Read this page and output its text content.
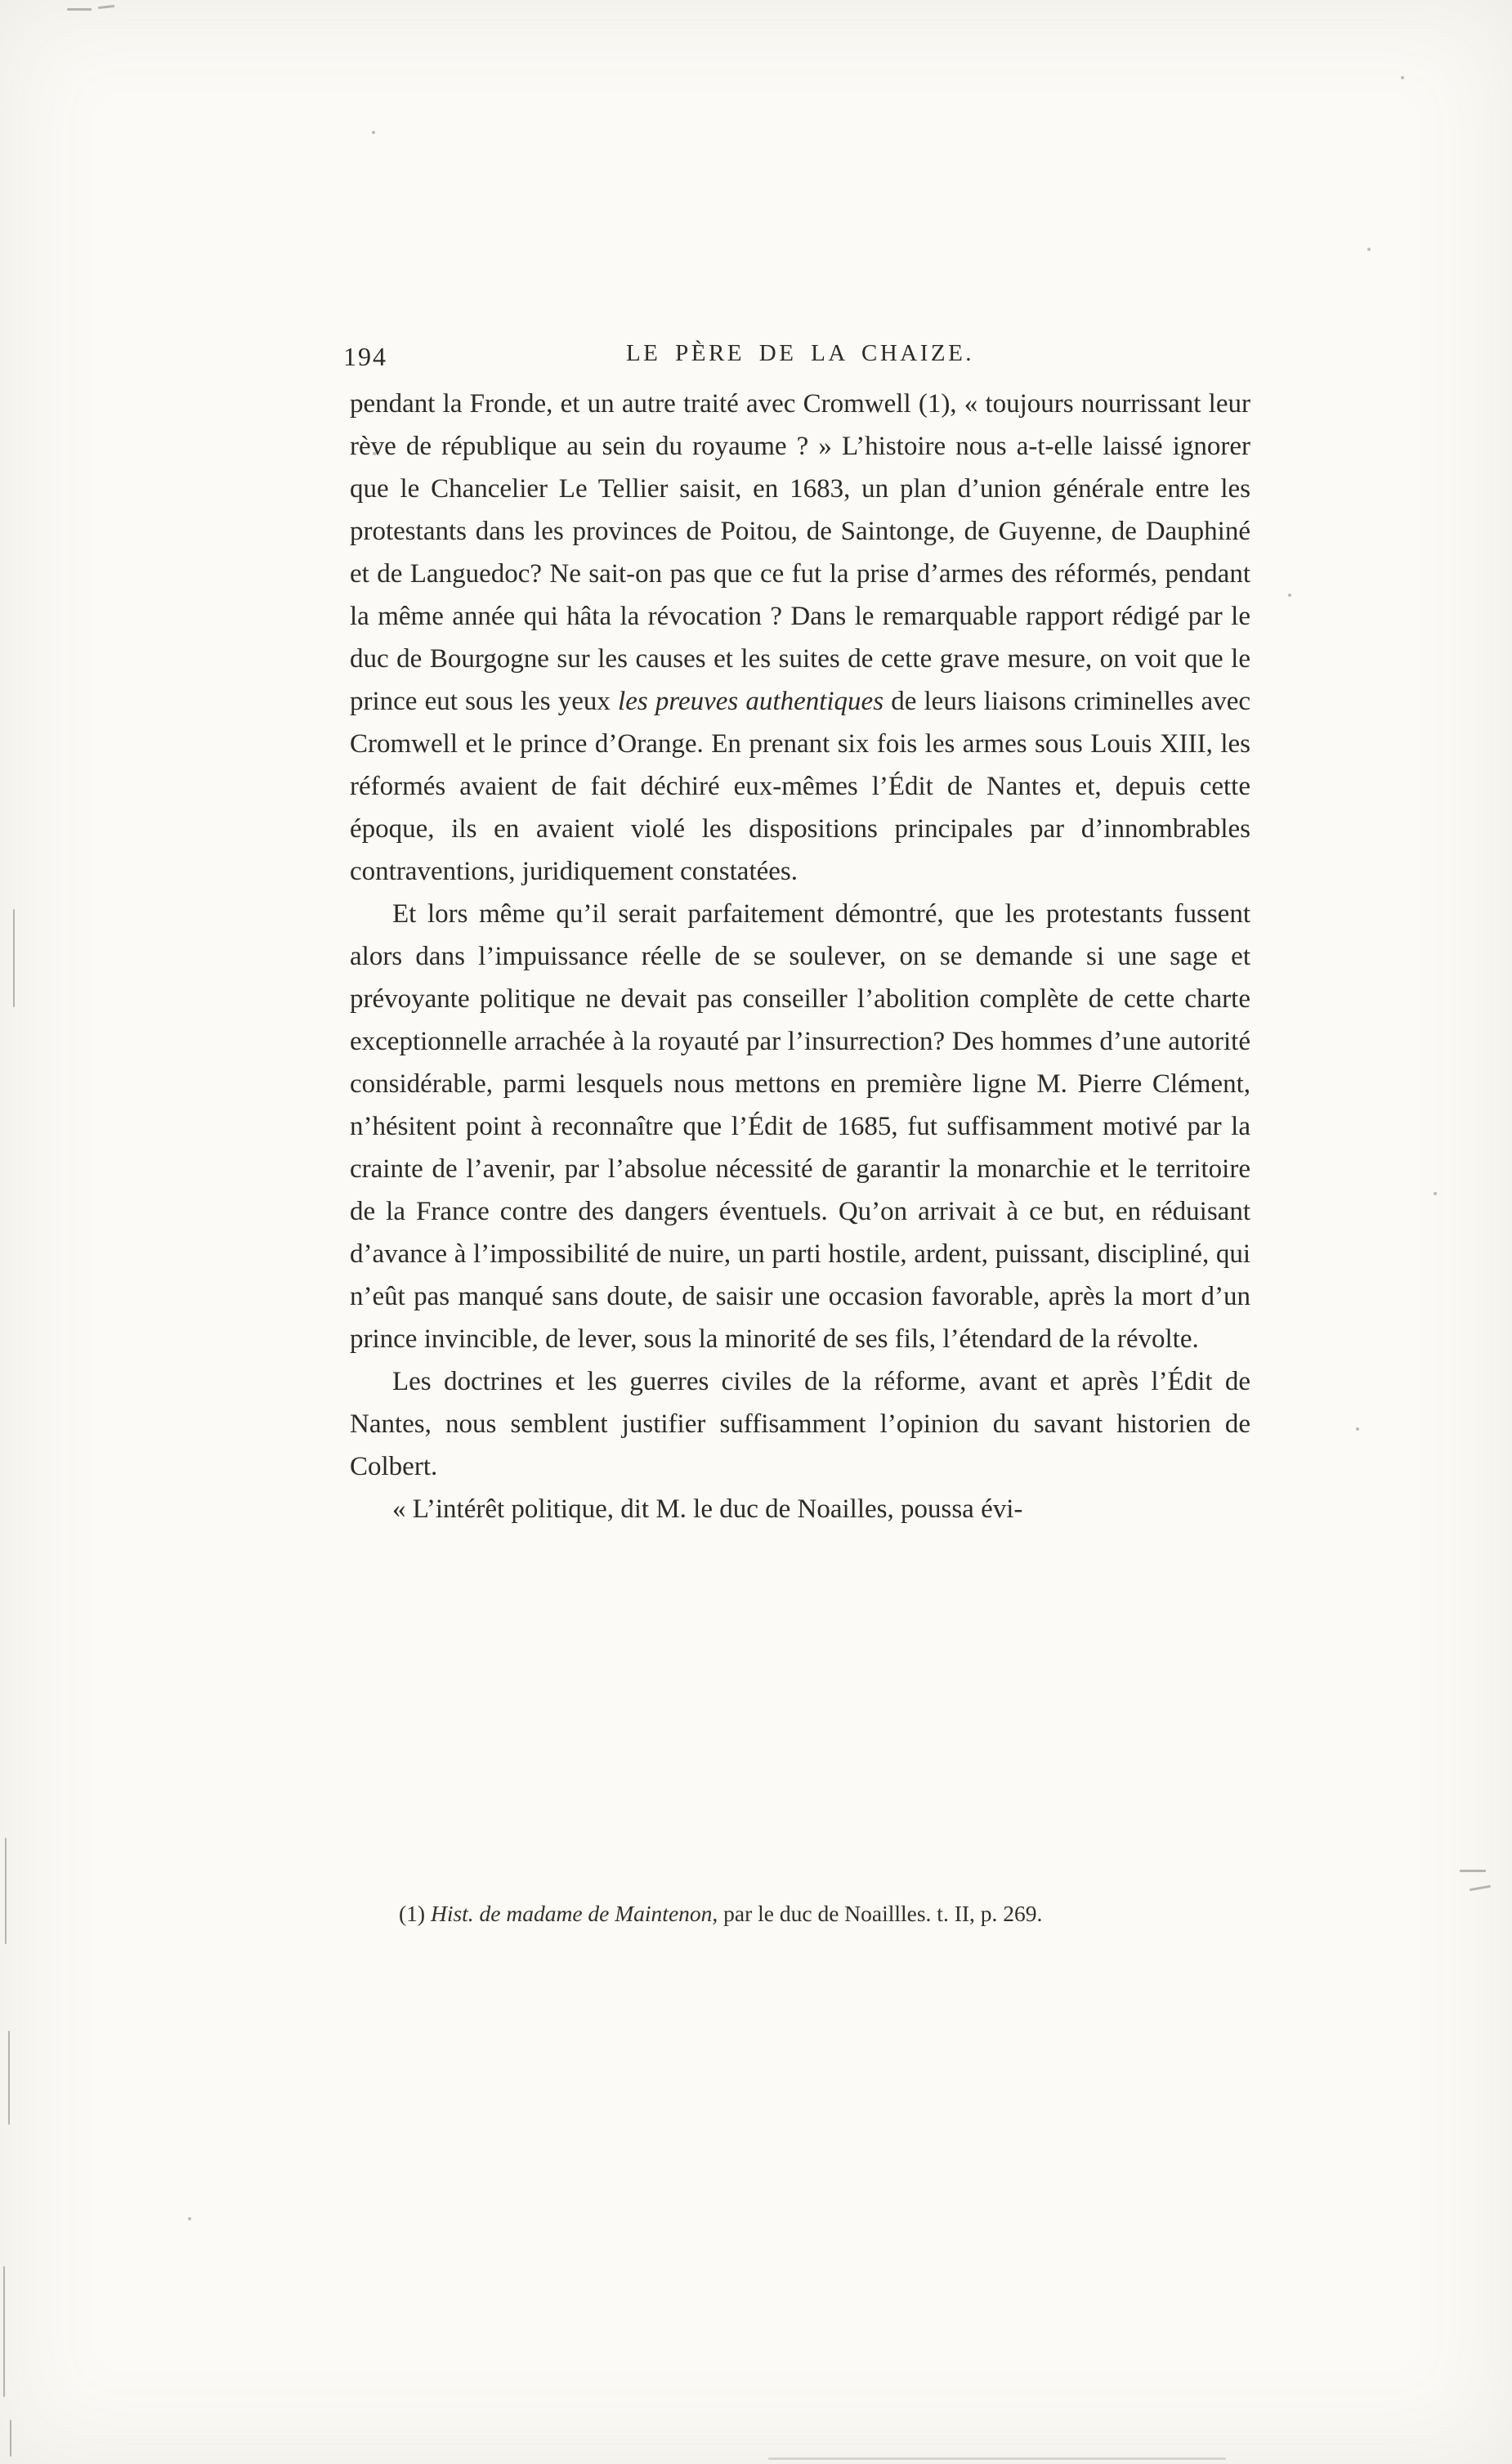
194	LE PÈRE DE LA CHAIZE.

pendant la Fronde, et un autre traité avec Cromwell (1), « toujours nourrissant leur rève de république au sein du royaume ? » L’histoire nous a-t-elle laissé ignorer que le Chancelier Le Tellier saisit, en 1683, un plan d’union générale entre les protestants dans les provinces de Poitou, de Saintonge, de Guyenne, de Dauphiné et de Languedoc? Ne sait-on pas que ce fut la prise d’armes des réformés, pendant la même année qui hâta la révocation ? Dans le remarquable rapport rédigé par le duc de Bourgogne sur les causes et les suites de cette grave mesure, on voit que le prince eut sous les yeux les preuves authentiques de leurs liaisons criminelles avec Cromwell et le prince d’Orange. En prenant six fois les armes sous Louis XIII, les réformés avaient de fait déchiré eux-mêmes l’Édit de Nantes et, depuis cette époque, ils en avaient violé les dispositions principales par d’innombrables contraventions, juridiquement constatées.

Et lors même qu’il serait parfaitement démontré, que les protestants fussent alors dans l’impuissance réelle de se soulever, on se demande si une sage et prévoyante politique ne devait pas conseiller l’abolition complète de cette charte exceptionnelle arrachée à la royauté par l’insurrection? Des hommes d’une autorité considérable, parmi lesquels nous mettons en première ligne M. Pierre Clément, n’hésitent point à reconnaître que l’Édit de 1685, fut suffisamment motivé par la crainte de l’avenir, par l’absolue nécessité de garantir la monarchie et le territoire de la France contre des dangers éventuels. Qu’on arrivait à ce but, en réduisant d’avance à l’impossibilité de nuire, un parti hostile, ardent, puissant, discipliné, qui n’eût pas manqué sans doute, de saisir une occasion favorable, après la mort d’un prince invincible, de lever, sous la minorité de ses fils, l’étendard de la révolte.

Les doctrines et les guerres civiles de la réforme, avant et après l’Édit de Nantes, nous semblent justifier suffisamment l’opinion du savant historien de Colbert.

« L’intérêt politique, dit M. le duc de Noailles, poussa évi-

(1) Hist. de madame de Maintenon, par le duc de Noaillles. t. II, p. 269.
